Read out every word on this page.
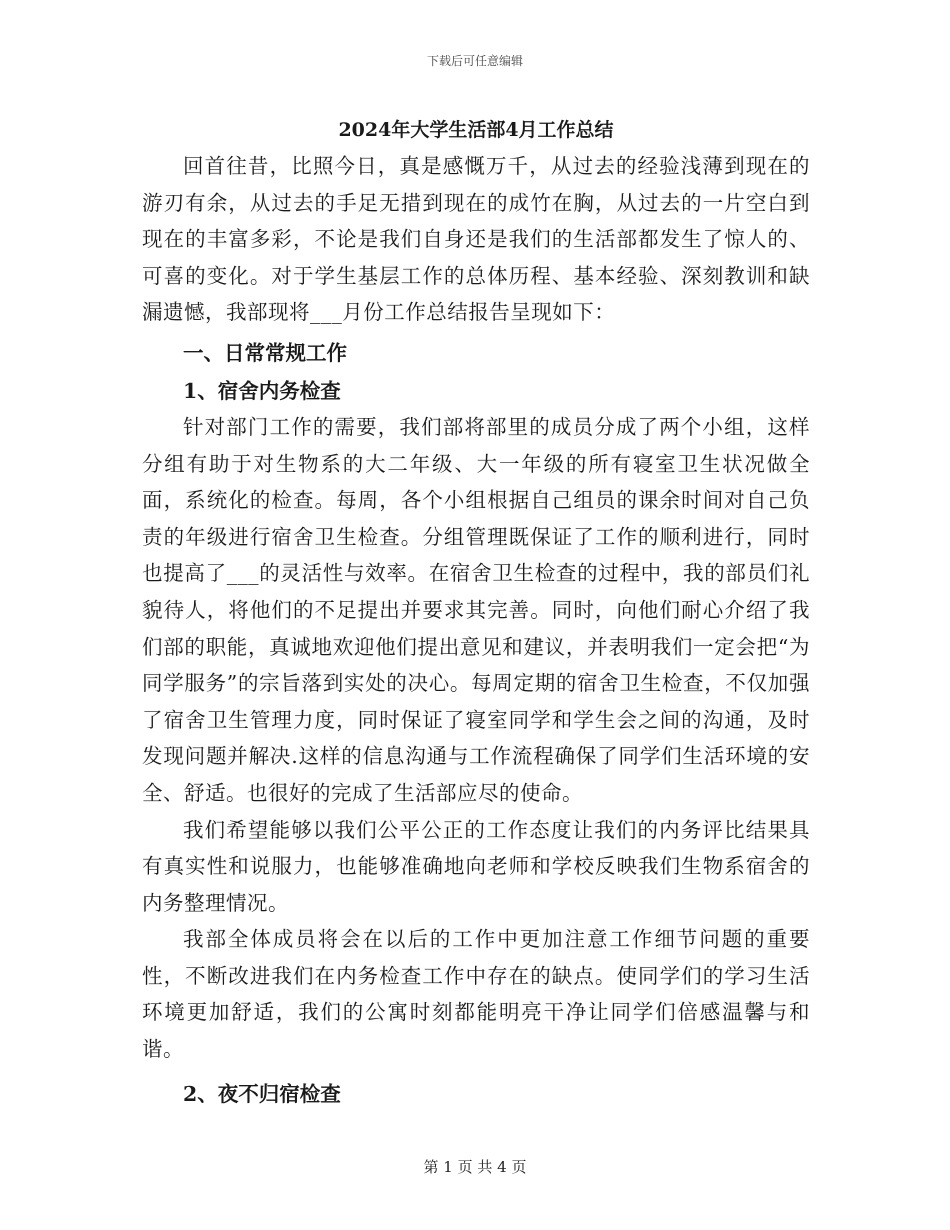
下载后可任意编辑
2024年大学生活部4月工作总结

回首往昔，比照今日，真是感慨万千，从过去的经验浅薄到现在的游刃有余，从过去的手足无措到现在的成竹在胸，从过去的一片空白到现在的丰富多彩，不论是我们自身还是我们的生活部都发生了惊人的、可喜的变化。对于学生基层工作的总体历程、基本经验、深刻教训和缺漏遗憾，我部现将___月份工作总结报告呈现如下：

一、日常常规工作

1、宿舍内务检查

针对部门工作的需要，我们部将部里的成员分成了两个小组，这样分组有助于对生物系的大二年级、大一年级的所有寝室卫生状况做全面，系统化的检查。每周，各个小组根据自己组员的课余时间对自己负责的年级进行宿舍卫生检查。分组管理既保证了工作的顺利进行，同时也提高了___的灵活性与效率。在宿舍卫生检查的过程中，我的部员们礼貌待人，将他们的不足提出并要求其完善。同时，向他们耐心介绍了我们部的职能，真诚地欢迎他们提出意见和建议，并表明我们一定会把“为同学服务”的宗旨落到实处的决心。每周定期的宿舍卫生检查，不仅加强了宿舍卫生管理力度，同时保证了寝室同学和学生会之间的沟通，及时发现问题并解决.这样的信息沟通与工作流程确保了同学们生活环境的安全、舒适。也很好的完成了生活部应尽的使命。

我们希望能够以我们公平公正的工作态度让我们的内务评比结果具有真实性和说服力，也能够准确地向老师和学校反映我们生物系宿舍的内务整理情况。

我部全体成员将会在以后的工作中更加注意工作细节问题的重要性，不断改进我们在内务检查工作中存在的缺点。使同学们的学习生活环境更加舒适，我们的公寓时刻都能明亮干净让同学们倍感温馨与和谐。

2、夜不归宿检查

第 1 页 共 4 页
